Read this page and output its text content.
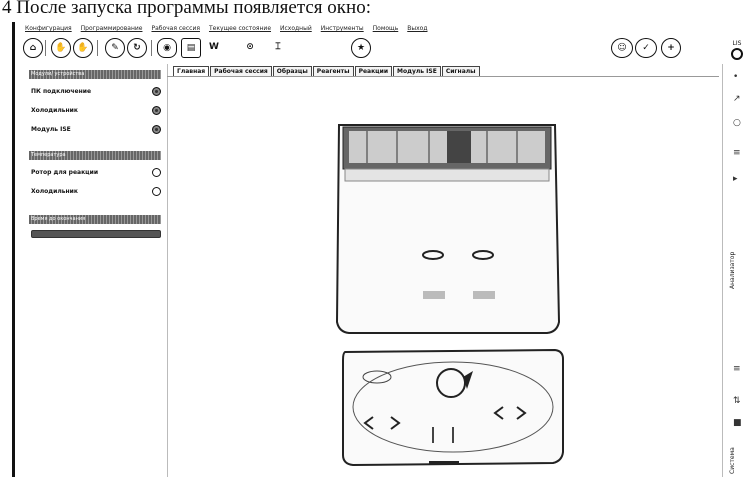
4 После запуска программы появляется окно:
Конфигурация Программирование Рабочая сессия Текущее состояние Исходный Инструменты Помощь Выход
⌂	✋	✋	✎	↻	◉	▤	W	⊙	⌶	★	☺	✓	+	LIS
Модули/ устройства
ПК подключение
Холодильник
Модуль ISE
Температура
Ротор для реакции
Холодильник
Время до окончания
Главная	Рабочая сессия	Образцы	Реагенты	Реакции	Модуль ISE	Сигналы
•
↗
○
≡
▸
Анализатор
≡
⇅
■
Система
